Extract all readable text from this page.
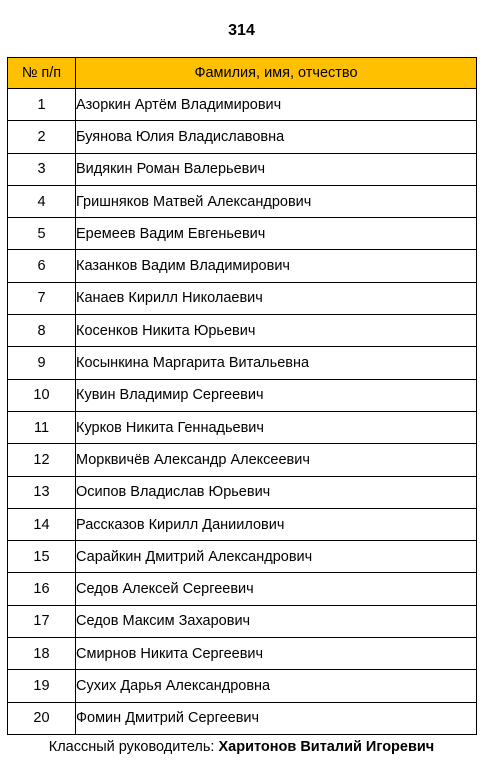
314
№ п/п	Фамилия, имя, отчество
1	Азоркин Артём Владимирович
2	Буянова Юлия Владиславовна
3	Видякин Роман Валерьевич
4	Гришняков Матвей Александрович
5	Еремеев Вадим Евгеньевич
6	Казанков Вадим Владимирович
7	Канаев Кирилл Николаевич
8	Косенков Никита Юрьевич
9	Косынкина Маргарита Витальевна
10	Кувин Владимир Сергеевич
11	Курков Никита Геннадьевич
12	Морквичёв Александр Алексеевич
13	Осипов Владислав Юрьевич
14	Рассказов Кирилл Даниилович
15	Сарайкин Дмитрий Александрович
16	Седов Алексей Сергеевич
17	Седов Максим Захарович
18	Смирнов Никита Сергеевич
19	Сухих Дарья Александровна
20	Фомин Дмитрий Сергеевич
Классный руководитель: Харитонов Виталий Игоревич
